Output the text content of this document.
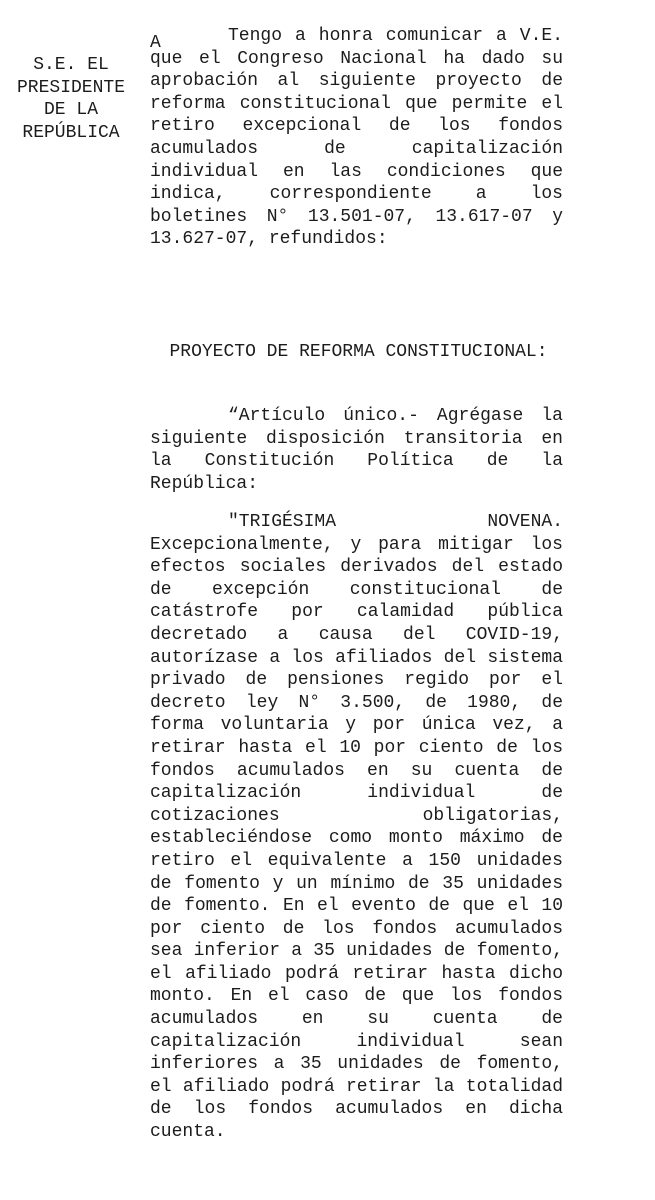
S.E. EL
PRESIDENTE
DE LA
REPÚBLICA
A	Tengo a honra comunicar a V.E. que el Congreso Nacional ha dado su aprobación al siguiente proyecto de reforma constitucional que permite el retiro excepcional de los fondos acumulados de capitalización individual en las condiciones que indica, correspondiente a los boletines N° 13.501-07, 13.617-07 y 13.627-07, refundidos:

PROYECTO DE REFORMA CONSTITUCIONAL:

“Artículo único.- Agrégase la siguiente disposición transitoria en la Constitución Política de la República:

"TRIGÉSIMA NOVENA. Excepcionalmente, y para mitigar los efectos sociales derivados del estado de excepción constitucional de catástrofe por calamidad pública decretado a causa del COVID-19, autorízase a los afiliados del sistema privado de pensiones regido por el decreto ley N° 3.500, de 1980, de forma voluntaria y por única vez, a retirar hasta el 10 por ciento de los fondos acumulados en su cuenta de capitalización individual de cotizaciones obligatorias, estableciéndose como monto máximo de retiro el equivalente a 150 unidades de fomento y un mínimo de 35 unidades de fomento. En el evento de que el 10 por ciento de los fondos acumulados sea inferior a 35 unidades de fomento, el afiliado podrá retirar hasta dicho monto. En el caso de que los fondos acumulados en su cuenta de capitalización individual sean inferiores a 35 unidades de fomento, el afiliado podrá retirar la totalidad de los fondos acumulados en dicha cuenta.
